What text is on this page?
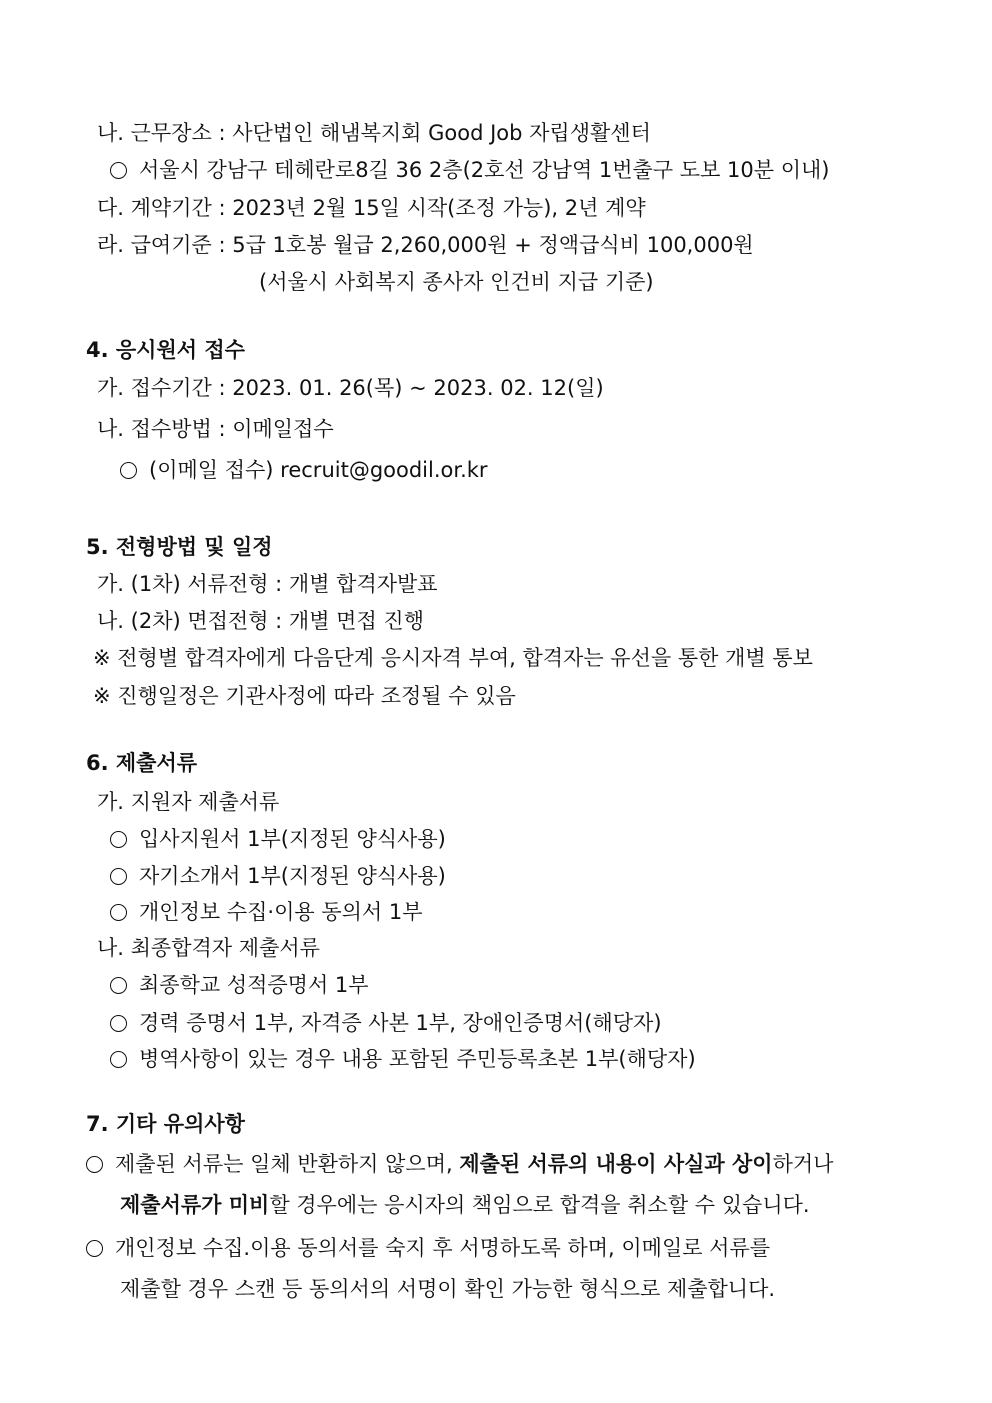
나. 근무장소 : 사단법인 해냄복지회 Good Job 자립생활센터
서울시 강남구 테헤란로8길 36 2층(2호선 강남역 1번출구 도보 10분 이내)
다. 계약기간 : 2023년 2월 15일 시작(조정 가능), 2년 계약
라. 급여기준 : 5급 1호봉 월급 2,260,000원 + 정액급식비 100,000원
(서울시 사회복지 종사자 인건비 지급 기준)
4. 응시원서 접수
가. 접수기간 : 2023. 01. 26(목) ~ 2023. 02. 12(일)
나. 접수방법 : 이메일접수
(이메일 접수) recruit@goodil.or.kr
5. 전형방법 및 일정
가. (1차) 서류전형 : 개별 합격자발표
나. (2차) 면접전형 : 개별 면접 진행
※ 전형별 합격자에게 다음단계 응시자격 부여, 합격자는 유선을 통한 개별 통보
※ 진행일정은 기관사정에 따라 조정될 수 있음
6. 제출서류
가. 지원자 제출서류
입사지원서 1부(지정된 양식사용)
자기소개서 1부(지정된 양식사용)
개인정보 수집·이용 동의서 1부
나. 최종합격자 제출서류
최종학교 성적증명서 1부
경력 증명서 1부, 자격증 사본 1부, 장애인증명서(해당자)
병역사항이 있는 경우 내용 포함된 주민등록초본 1부(해당자)
7. 기타 유의사항
제출된 서류는 일체 반환하지 않으며, 제출된 서류의 내용이 사실과 상이하거나
제출서류가 미비할 경우에는 응시자의 책임으로 합격을 취소할 수 있습니다.
개인정보 수집.이용 동의서를 숙지 후 서명하도록 하며, 이메일로 서류를
제출할 경우 스캔 등 동의서의 서명이 확인 가능한 형식으로 제출합니다.
